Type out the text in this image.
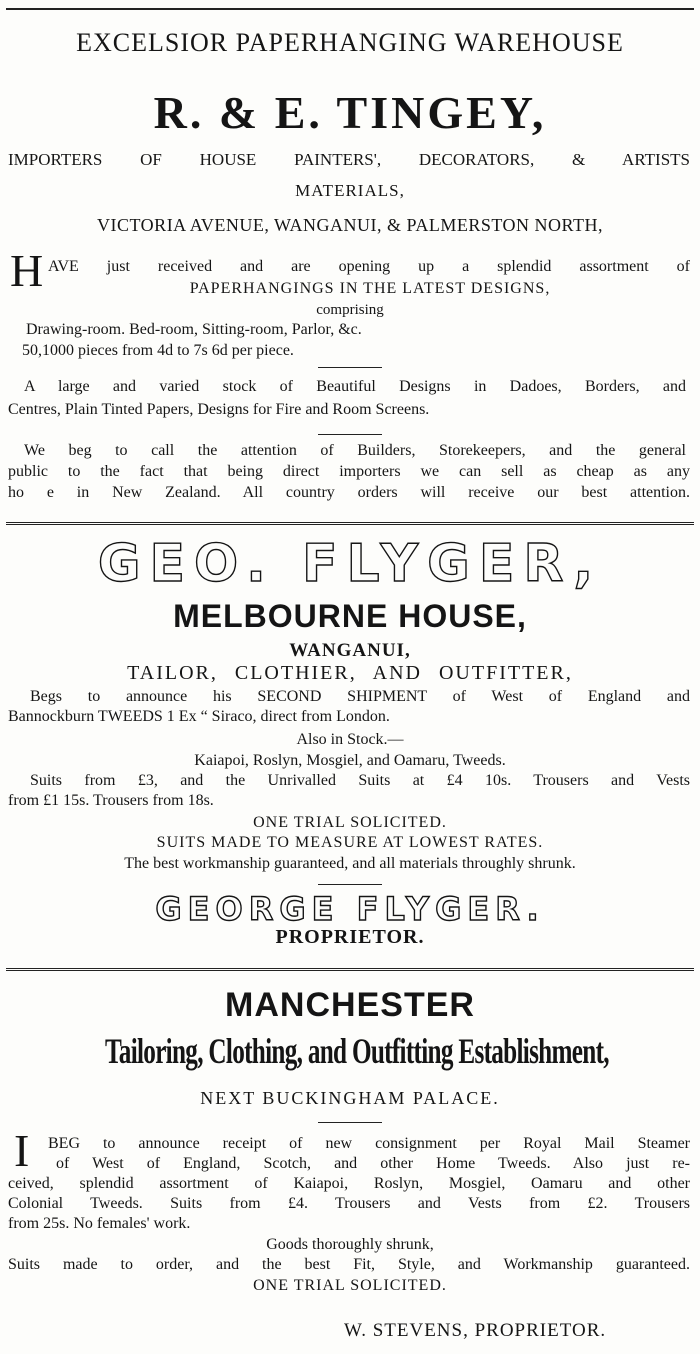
EXCELSIOR PAPERHANGING WAREHOUSE
R. & E. TINGEY,
IMPORTERS OF HOUSE PAINTERS', DECORATORS, & ARTISTS
MATERIALS,
VICTORIA AVENUE, WANGANUI, & PALMERSTON NORTH,
H AVE just received and are opening up a splendid assortment of
PAPERHANGINGS IN THE LATEST DESIGNS,
comprising
Drawing-room. Bed-room, Sitting-room, Parlor, &c.
50,1000 pieces from 4d to 7s 6d per piece.
A large and varied stock of Beautiful Designs in Dadoes, Borders, and
Centres, Plain Tinted Papers, Designs for Fire and Room Screens.
We beg to call the attention of Builders, Storekeepers, and the general
public to the fact that being direct importers we can sell as cheap as any
ho e in New Zealand. All country orders will receive our best attention.
GEO. FLYGER,
MELBOURNE HOUSE,
WANGANUI,
TAILOR, CLOTHIER, AND OUTFITTER,
Begs to announce his SECOND SHIPMENT of West of England and
Bannockburn TWEEDS 1 Ex “ Siraco, direct from London.
Also in Stock.—
Kaiapoi, Roslyn, Mosgiel, and Oamaru, Tweeds.
Suits from £3, and the Unrivalled Suits at £4 10s. Trousers and Vests
from £1 15s. Trousers from 18s.
ONE TRIAL SOLICITED.
SUITS MADE TO MEASURE AT LOWEST RATES.
The best workmanship guaranteed, and all materials throughly shrunk.
GEORGE FLYGER.
PROPRIETOR.
MANCHESTER
Tailoring, Clothing, and Outfitting Establishment,
NEXT BUCKINGHAM PALACE.
I BEG to announce receipt of new consignment per Royal Mail Steamer
of West of England, Scotch, and other Home Tweeds. Also just re-
ceived, splendid assortment of Kaiapoi, Roslyn, Mosgiel, Oamaru and other
Colonial Tweeds. Suits from £4. Trousers and Vests from £2. Trousers
from 25s. No females' work.
Goods thoroughly shrunk,
Suits made to order, and the best Fit, Style, and Workmanship guaranteed.
ONE TRIAL SOLICITED.
W. STEVENS, PROPRIETOR.
